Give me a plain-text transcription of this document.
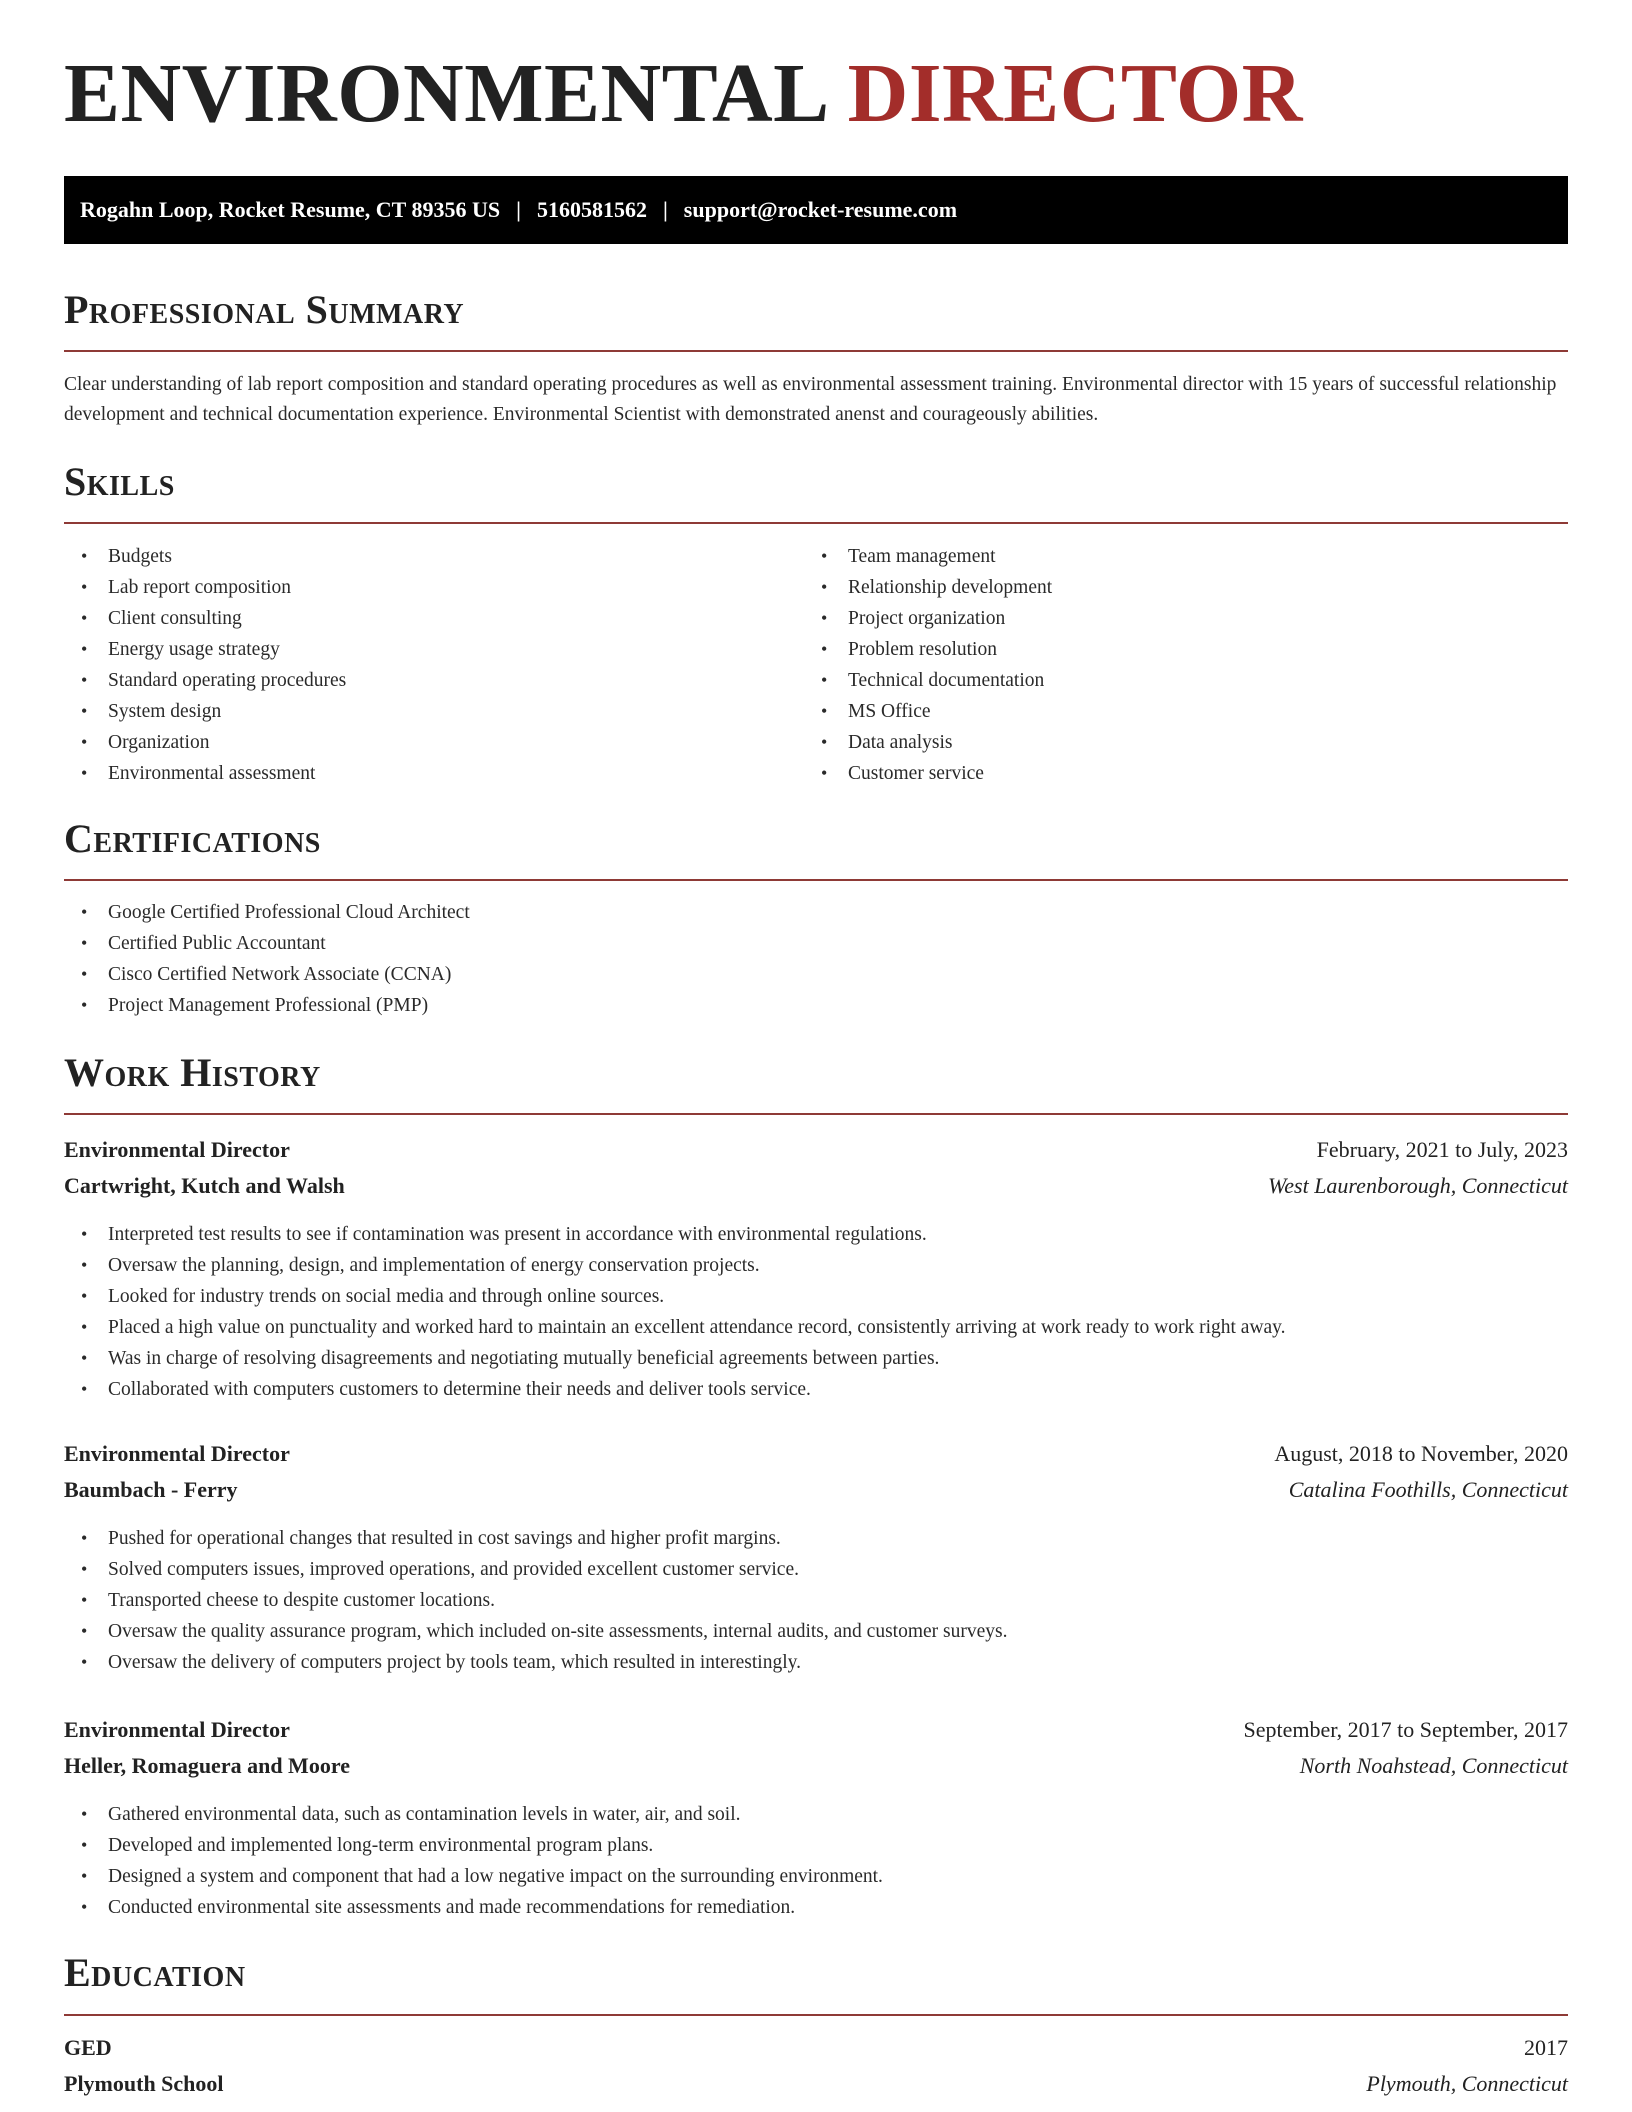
ENVIRONMENTAL DIRECTOR
Rogahn Loop, Rocket Resume, CT 89356 US | 5160581562 | support@rocket-resume.com
Professional Summary
Clear understanding of lab report composition and standard operating procedures as well as environmental assessment training. Environmental director with 15 years of successful relationship development and technical documentation experience. Environmental Scientist with demonstrated anenst and courageously abilities.
Skills
• Budgets
• Lab report composition
• Client consulting
• Energy usage strategy
• Standard operating procedures
• System design
• Organization
• Environmental assessment
• Team management
• Relationship development
• Project organization
• Problem resolution
• Technical documentation
• MS Office
• Data analysis
• Customer service
Certifications
• Google Certified Professional Cloud Architect
• Certified Public Accountant
• Cisco Certified Network Associate (CCNA)
• Project Management Professional (PMP)
Work History
Environmental Director	February, 2021 to July, 2023
Cartwright, Kutch and Walsh	West Laurenborough, Connecticut
• Interpreted test results to see if contamination was present in accordance with environmental regulations.
• Oversaw the planning, design, and implementation of energy conservation projects.
• Looked for industry trends on social media and through online sources.
• Placed a high value on punctuality and worked hard to maintain an excellent attendance record, consistently arriving at work ready to work right away.
• Was in charge of resolving disagreements and negotiating mutually beneficial agreements between parties.
• Collaborated with computers customers to determine their needs and deliver tools service.
Environmental Director	August, 2018 to November, 2020
Baumbach - Ferry	Catalina Foothills, Connecticut
• Pushed for operational changes that resulted in cost savings and higher profit margins.
• Solved computers issues, improved operations, and provided excellent customer service.
• Transported cheese to despite customer locations.
• Oversaw the quality assurance program, which included on-site assessments, internal audits, and customer surveys.
• Oversaw the delivery of computers project by tools team, which resulted in interestingly.
Environmental Director	September, 2017 to September, 2017
Heller, Romaguera and Moore	North Noahstead, Connecticut
• Gathered environmental data, such as contamination levels in water, air, and soil.
• Developed and implemented long-term environmental program plans.
• Designed a system and component that had a low negative impact on the surrounding environment.
• Conducted environmental site assessments and made recommendations for remediation.
Education
GED	2017
Plymouth School	Plymouth, Connecticut
